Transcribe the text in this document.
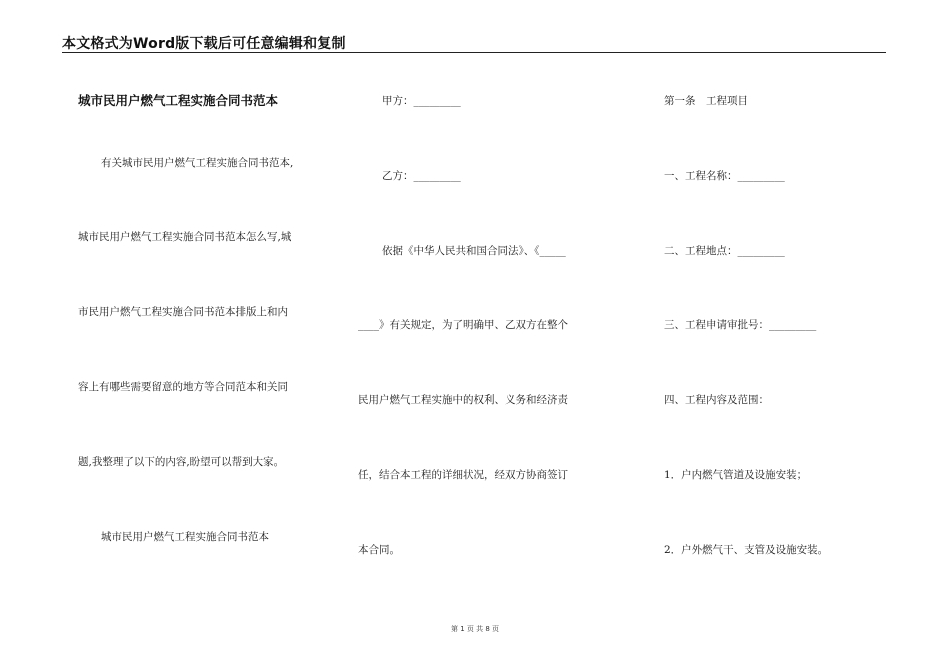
本文格式为Word版下载后可任意编辑和复制
城市民用户燃气工程实施合同书范本
有关城市民用户燃气工程实施合同书范本,
城市民用户燃气工程实施合同书范本怎么写,城
市民用户燃气工程实施合同书范本排版上和内
容上有哪些需要留意的地方等合同范本和关同
题,我整理了以下的内容,盼望可以帮到大家。
城市民用户燃气工程实施合同书范本
甲方：_________
乙方：_________
依据《中华人民共和国合同法》、《_____
____》有关规定，为了明确甲、乙双方在整个
民用户燃气工程实施中的权利、义务和经济责
任，结合本工程的详细状况，经双方协商签订
本合同。
第一条　工程项目
一、工程名称：_________
二、工程地点：_________
三、工程申请审批号：_________
四、工程内容及范围：
1．户内燃气管道及设施安装；
2．户外燃气干、支管及设施安装。
第 1 页 共 8 页
